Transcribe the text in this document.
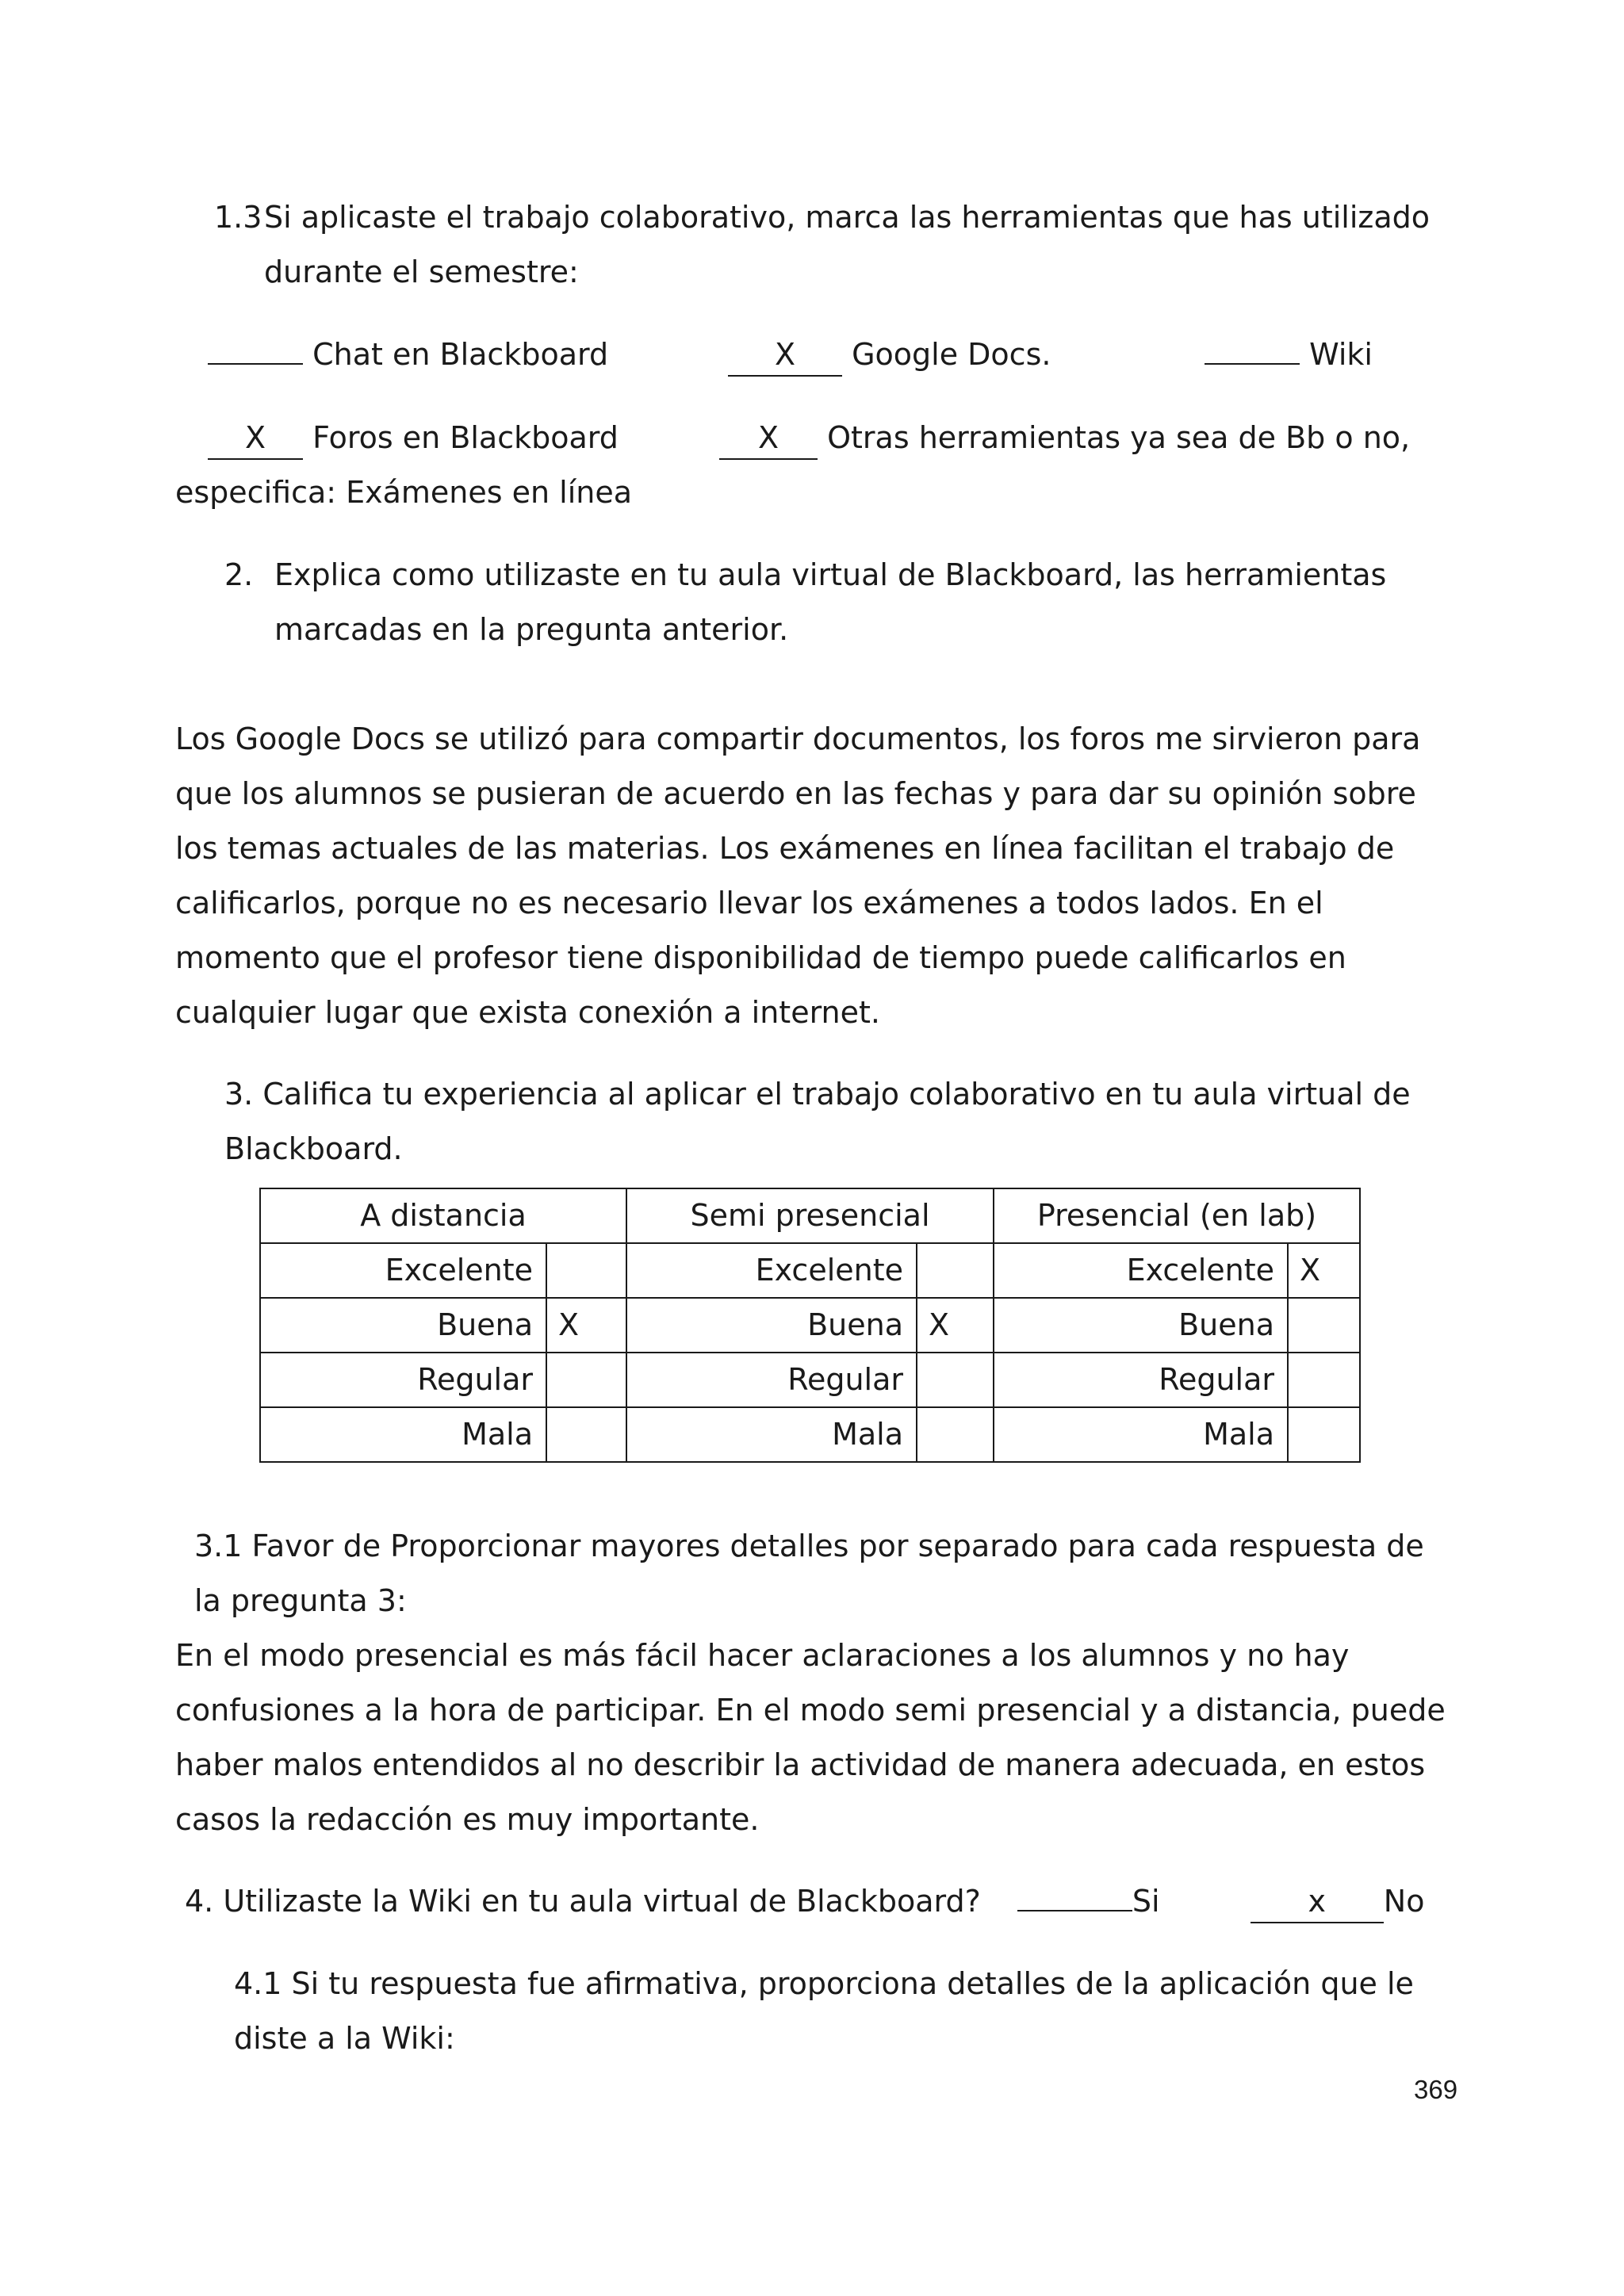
1.3 Si aplicaste el trabajo colaborativo, marca las herramientas que has utilizado
durante el semestre:
Chat en Blackboard	X Google Docs.	Wiki
X Foros en Blackboard	X Otras herramientas ya sea de Bb o no,
especifica: Exámenes en línea
2. Explica como utilizaste en tu aula virtual de Blackboard, las herramientas
marcadas en la pregunta anterior.

Los Google Docs se utilizó para compartir documentos, los foros me sirvieron para

que los alumnos se pusieran de acuerdo en las fechas y para dar su opinión sobre

los temas actuales de las materias. Los exámenes en línea facilitan el trabajo de

calificarlos, porque no es necesario llevar los exámenes a todos lados. En el

momento que el profesor tiene disponibilidad de tiempo puede calificarlos en

cualquier lugar que exista conexión a internet.

3. Califica tu experiencia al aplicar el trabajo colaborativo en tu aula virtual de
Blackboard.
A distancia		Semi presencial		Presencial (en lab)	
Excelente		Excelente		Excelente	X
Buena	X	Buena	X	Buena	
Regular		Regular		Regular	
Mala		Mala		Mala	
3.1 Favor de Proporcionar mayores detalles por separado para cada respuesta de
la pregunta 3:

En el modo presencial es más fácil hacer aclaraciones a los alumnos y no hay

confusiones a la hora de participar. En el modo semi presencial y a distancia, puede

haber malos entendidos al no describir la actividad de manera adecuada, en estos

casos la redacción es muy importante.

4. Utilizaste la Wiki en tu aula virtual de Blackboard?	Si	x No
4.1 Si tu respuesta fue afirmativa, proporciona detalles de la aplicación que le
diste a la Wiki:
369
